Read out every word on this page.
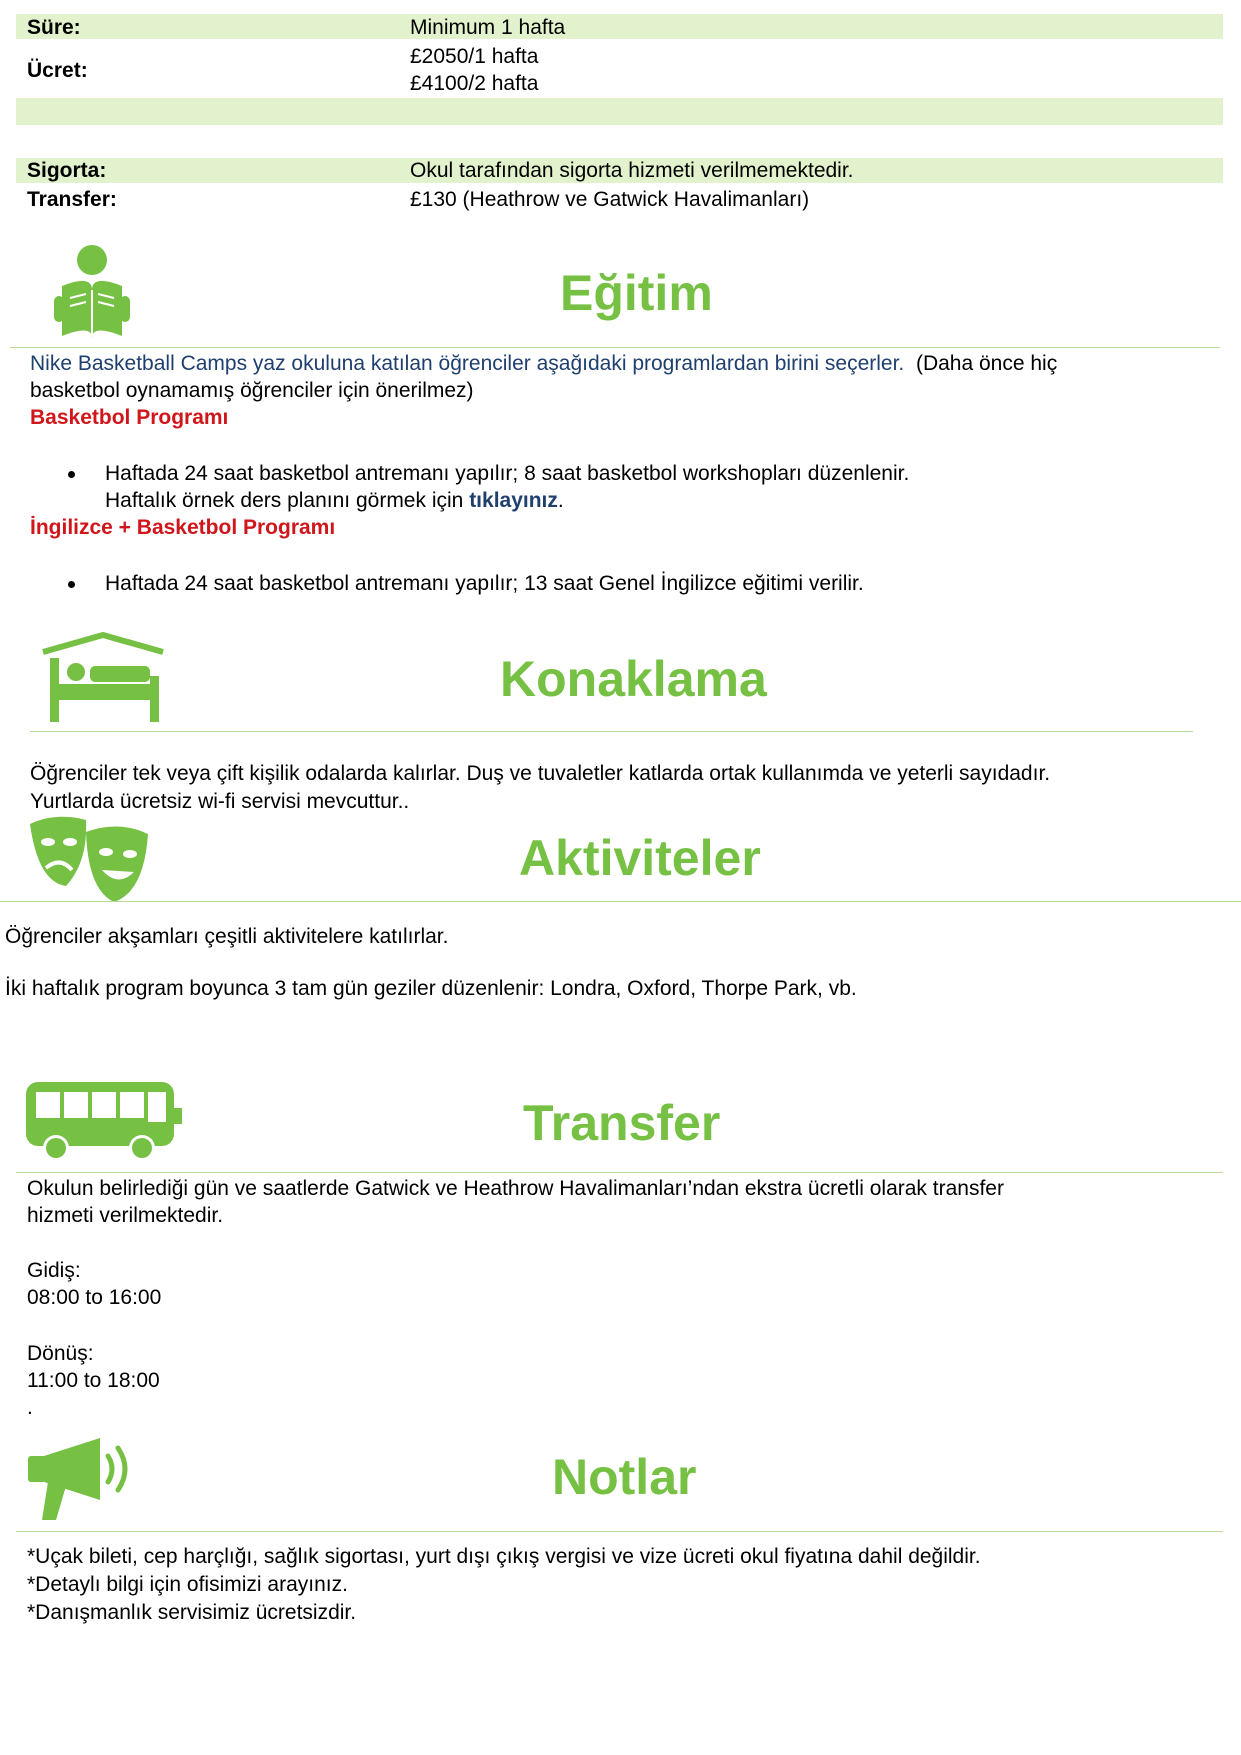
Süre:	Minimum 1 hafta
Ücret:
£2050/1 hafta
£4100/2 hafta
Sigorta:	Okul tarafından sigorta hizmeti verilmemektedir.
Transfer:	£130 (Heathrow ve Gatwick Havalimanları)
Eğitim
Nike Basketball Camps yaz okuluna katılan öğrenciler aşağıdaki programlardan birini seçerler. (Daha önce hiç
basketbol oynamamış öğrenciler için önerilmez)
Basketbol Programı
Haftada 24 saat basketbol antremanı yapılır; 8 saat basketbol workshopları düzenlenir.
Haftalık örnek ders planını görmek için tıklayınız.
İngilizce + Basketbol Programı
Haftada 24 saat basketbol antremanı yapılır; 13 saat Genel İngilizce eğitimi verilir.
Konaklama
Öğrenciler tek veya çift kişilik odalarda kalırlar. Duş ve tuvaletler katlarda ortak kullanımda ve yeterli sayıdadır.
Yurtlarda ücretsiz wi-fi servisi mevcuttur..
Aktiviteler
Öğrenciler akşamları çeşitli aktivitelere katılırlar.
İki haftalık program boyunca 3 tam gün geziler düzenlenir: Londra, Oxford, Thorpe Park, vb.
Transfer
Okulun belirlediği gün ve saatlerde Gatwick ve Heathrow Havalimanları’ndan ekstra ücretli olarak transfer
hizmeti verilmektedir.
Gidiş:
08:00 to 16:00
Dönüş:
11:00 to 18:00
.
Notlar
*Uçak bileti, cep harçlığı, sağlık sigortası, yurt dışı çıkış vergisi ve vize ücreti okul fiyatına dahil değildir.
*Detaylı bilgi için ofisimizi arayınız.
*Danışmanlık servisimiz ücretsizdir.
